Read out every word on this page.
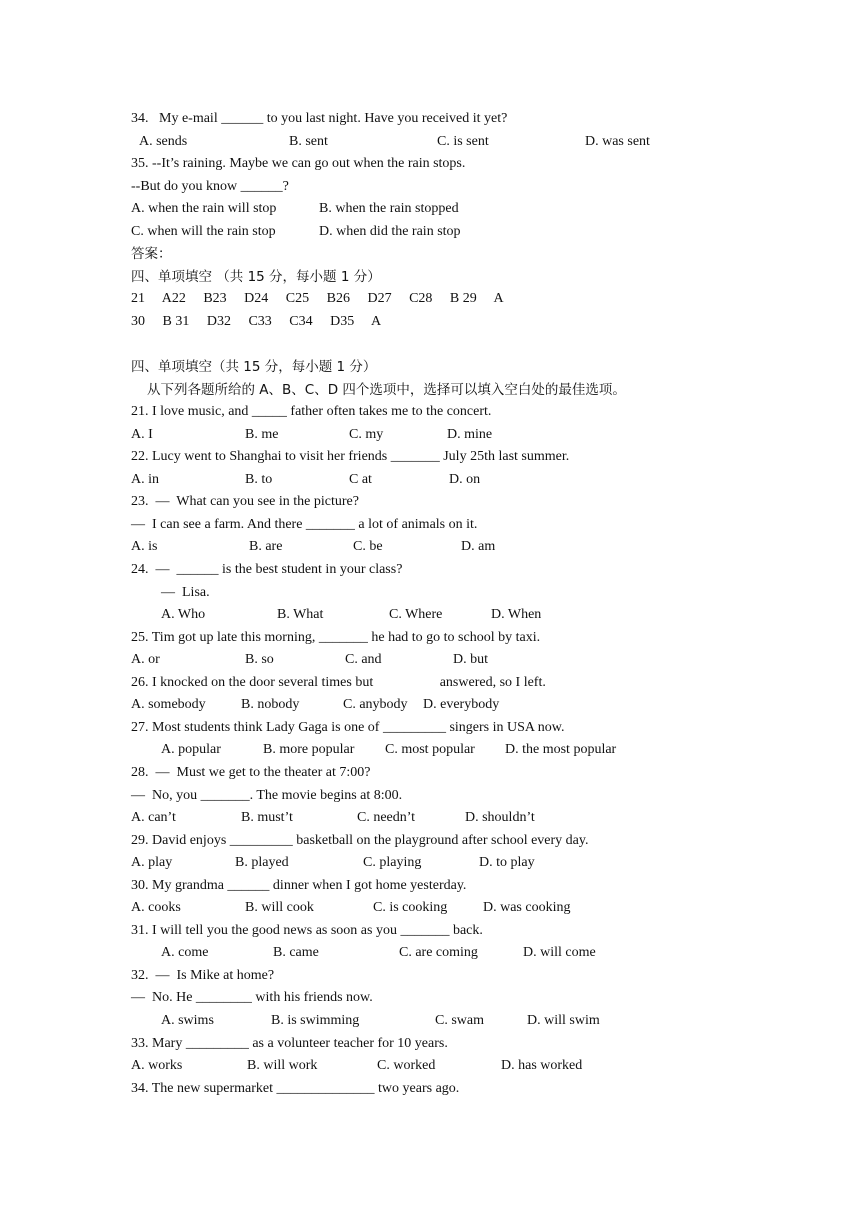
34.   My e-mail ______ to you last night. Have you received it yet?
A. sends	B. sent	C. is sent	D. was sent
35. --It’s raining. Maybe we can go out when the rain stops.
--But do you know ______?
A. when the rain will stop	B. when the rain stopped
C. when will the rain stop	D. when did the rain stop
答案：
四、单项填空 （共 15 分，每小题 1 分）
21     A22     B23     D24     C25     B26     D27     C28     B 29     A
30     B 31     D32     C33     C34     D35     A
四、单项填空（共 15 分，每小题 1 分）
从下列各题所给的 A、B、C、D 四个选项中，选择可以填入空白处的最佳选项。
21. I love music, and _____ father often takes me to the concert.
A. I	B. me	C. my	D. mine
22. Lucy went to Shanghai to visit her friends _______ July 25th last summer.
A. in	B. to	C at	D. on
23.  —  What can you see in the picture?
—  I can see a farm. And there _______ a lot of animals on it.
A. is	B. are	C. be	D. am
24.  —  ______ is the best student in your class?
—  Lisa.
A. Who	B. What	C. Where	D. When
25. Tim got up late this morning, _______ he had to go to school by taxi.
A. or	B. so	C. and	D. but
26. I knocked on the door several times but                   answered, so I left.
A. somebody	B. nobody	C. anybody D. everybody
27. Most students think Lady Gaga is one of _________ singers in USA now.
A. popular	B. more popular C. most popular D. the most popular
28.  —  Must we get to the theater at 7:00?
—  No, you _______. The movie begins at 8:00.
A. can’t	B. must’t	C. needn’t	D. shouldn’t
29. David enjoys _________ basketball on the playground after school every day.
A. play	B. played	C. playing	D. to play
30. My grandma ______ dinner when I got home yesterday.
A. cooks	B. will cook	C. is cooking	D. was cooking
31. I will tell you the good news as soon as you _______ back.
A. come	B. came	C. are coming	D. will come
32.  —  Is Mike at home?
—  No. He ________ with his friends now.
A. swims	B. is swimming	C. swam	D. will swim
33. Mary _________ as a volunteer teacher for 10 years.
A. works	B. will work	C. worked	D. has worked
34. The new supermarket ______________ two years ago.
